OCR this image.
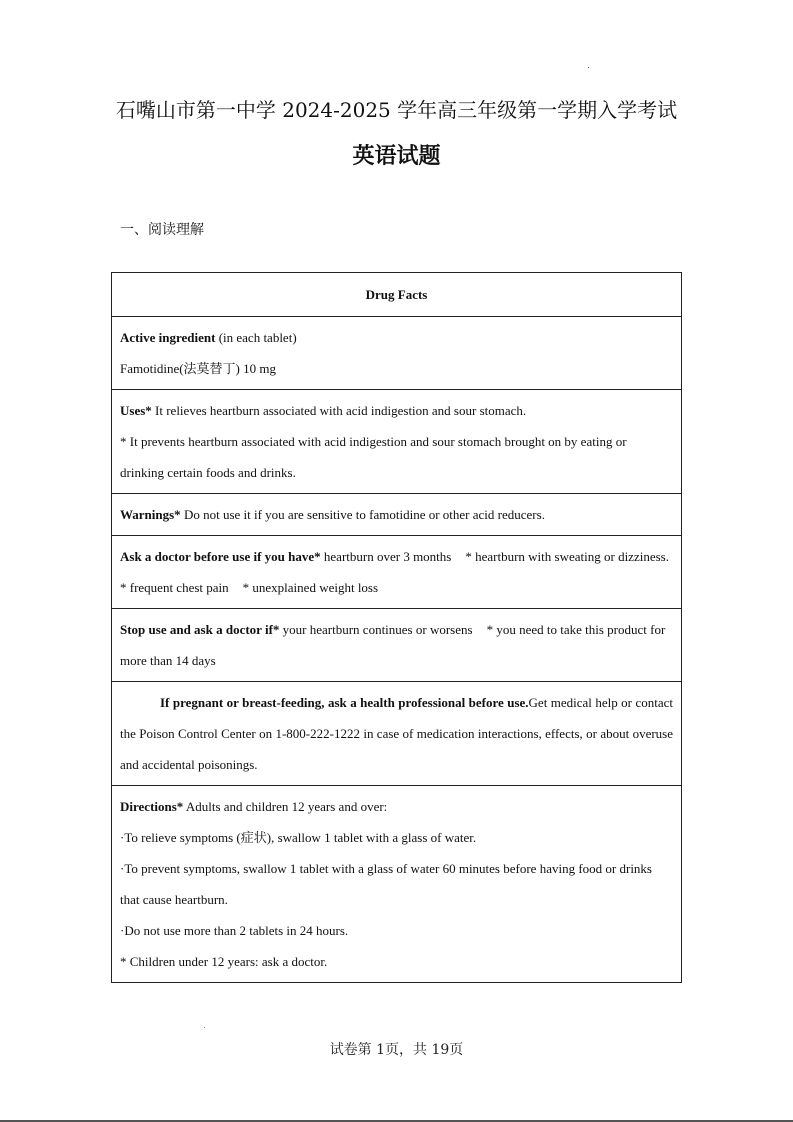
石嘴山市第一中学 2024-2025 学年高三年级第一学期入学考试
英语试题
一、阅读理解
Drug Facts

Active ingredient (in each tablet)

Famotidine(法莫替丁) 10 mg

Uses* It relieves heartburn associated with acid indigestion and sour stomach.

* It prevents heartburn associated with acid indigestion and sour stomach brought on by eating or drinking certain foods and drinks.

Warnings* Do not use it if you are sensitive to famotidine or other acid reducers.

Ask a doctor before use if you have* heartburn over 3 months * heartburn with sweating or dizziness.

* frequent chest pain * unexplained weight loss

Stop use and ask a doctor if* your heartburn continues or worsens * you need to take this product for more than 14 days

If pregnant or breast-feeding, ask a health professional before use.Get medical help or contact the Poison Control Center on 1-800-222-1222 in case of medication interactions, effects, or about overuse and accidental poisonings.

Directions* Adults and children 12 years and over:

·To relieve symptoms (症状), swallow 1 tablet with a glass of water.

·To prevent symptoms, swallow 1 tablet with a glass of water 60 minutes before having food or drinks that cause heartburn.

·Do not use more than 2 tablets in 24 hours.

* Children under 12 years: ask a doctor.

试卷第 1页，共 19页
